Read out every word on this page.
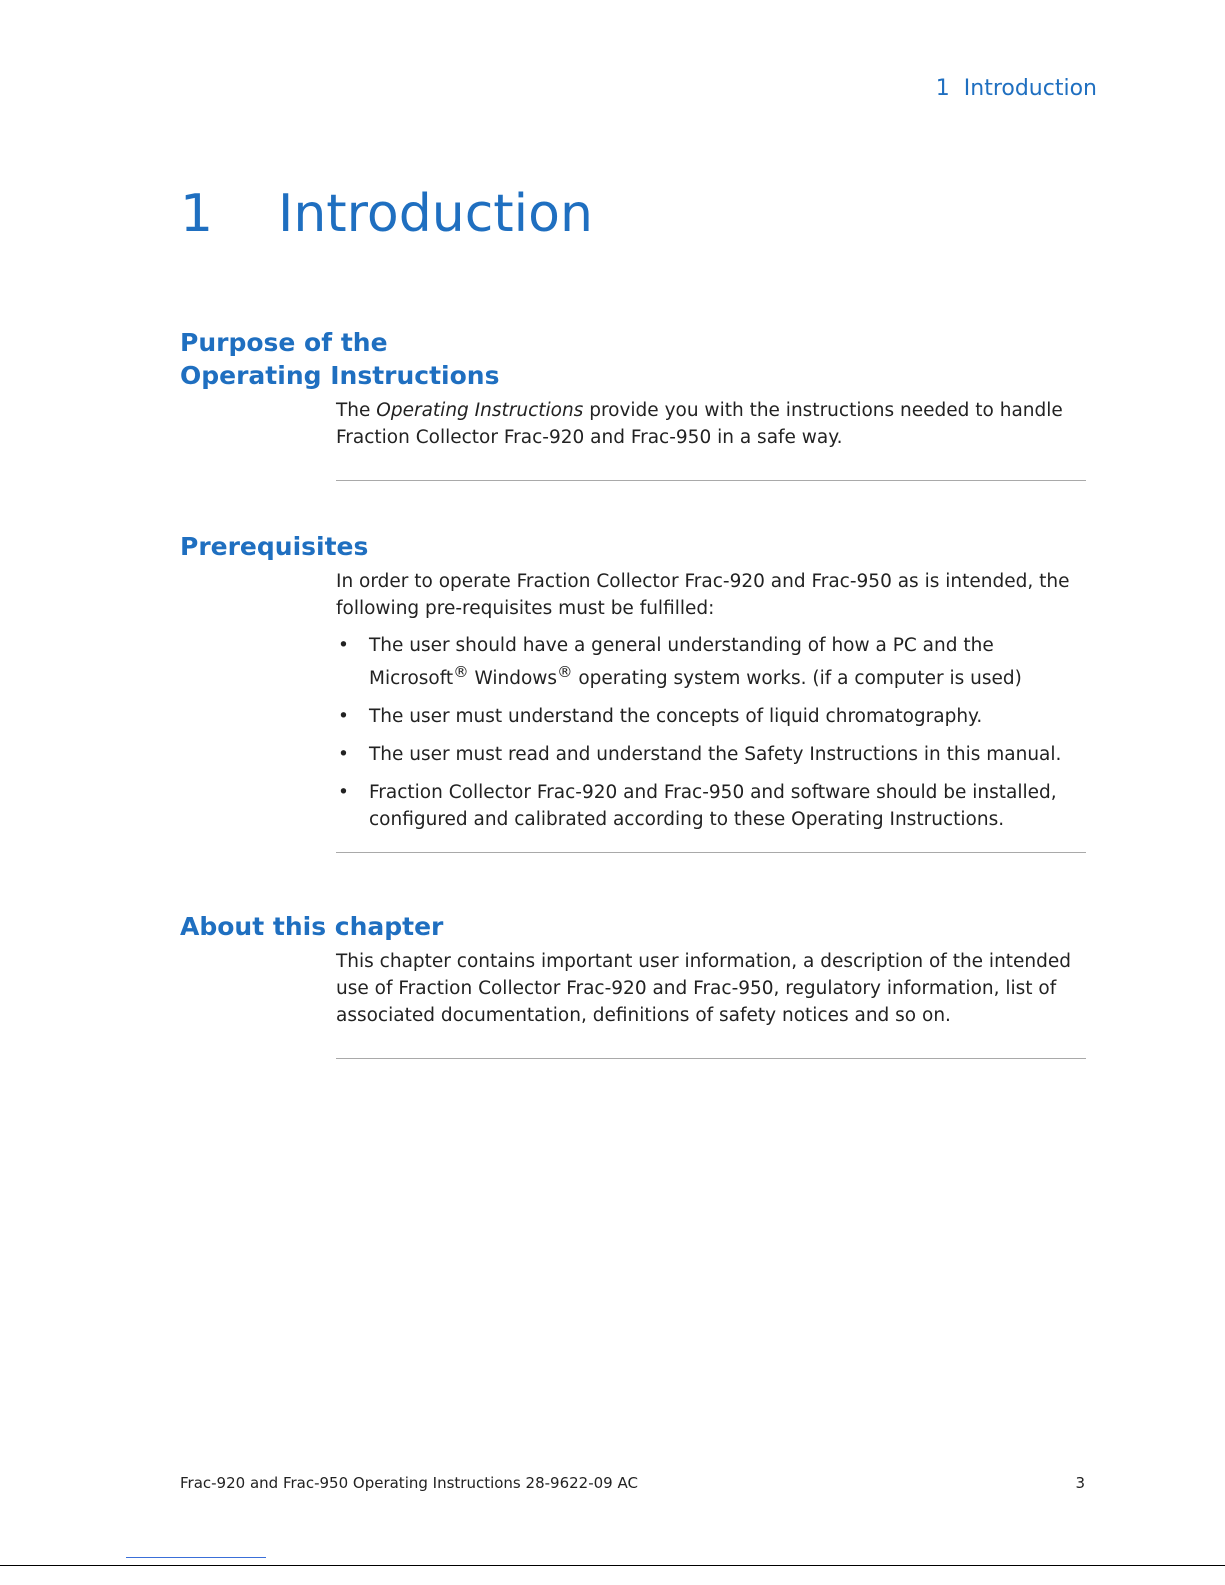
1  Introduction
1	Introduction
Purpose of the Operating Instructions

The Operating Instructions provide you with the instructions needed to handle Fraction Collector Frac-920 and Frac-950 in a safe way.

Prerequisites

In order to operate Fraction Collector Frac-920 and Frac-950 as is intended, the following pre-requisites must be fulfilled:

• The user should have a general understanding of how a PC and the Microsoft® Windows® operating system works. (if a computer is used)
• The user must understand the concepts of liquid chromatography.
• The user must read and understand the Safety Instructions in this manual.
• Fraction Collector Frac-920 and Frac-950 and software should be installed, configured and calibrated according to these Operating Instructions.
About this chapter

This chapter contains important user information, a description of the intended use of Fraction Collector Frac-920 and Frac-950, regulatory information, list of associated documentation, definitions of safety notices and so on.

Frac-920 and Frac-950 Operating Instructions 28-9622-09 AC	3
